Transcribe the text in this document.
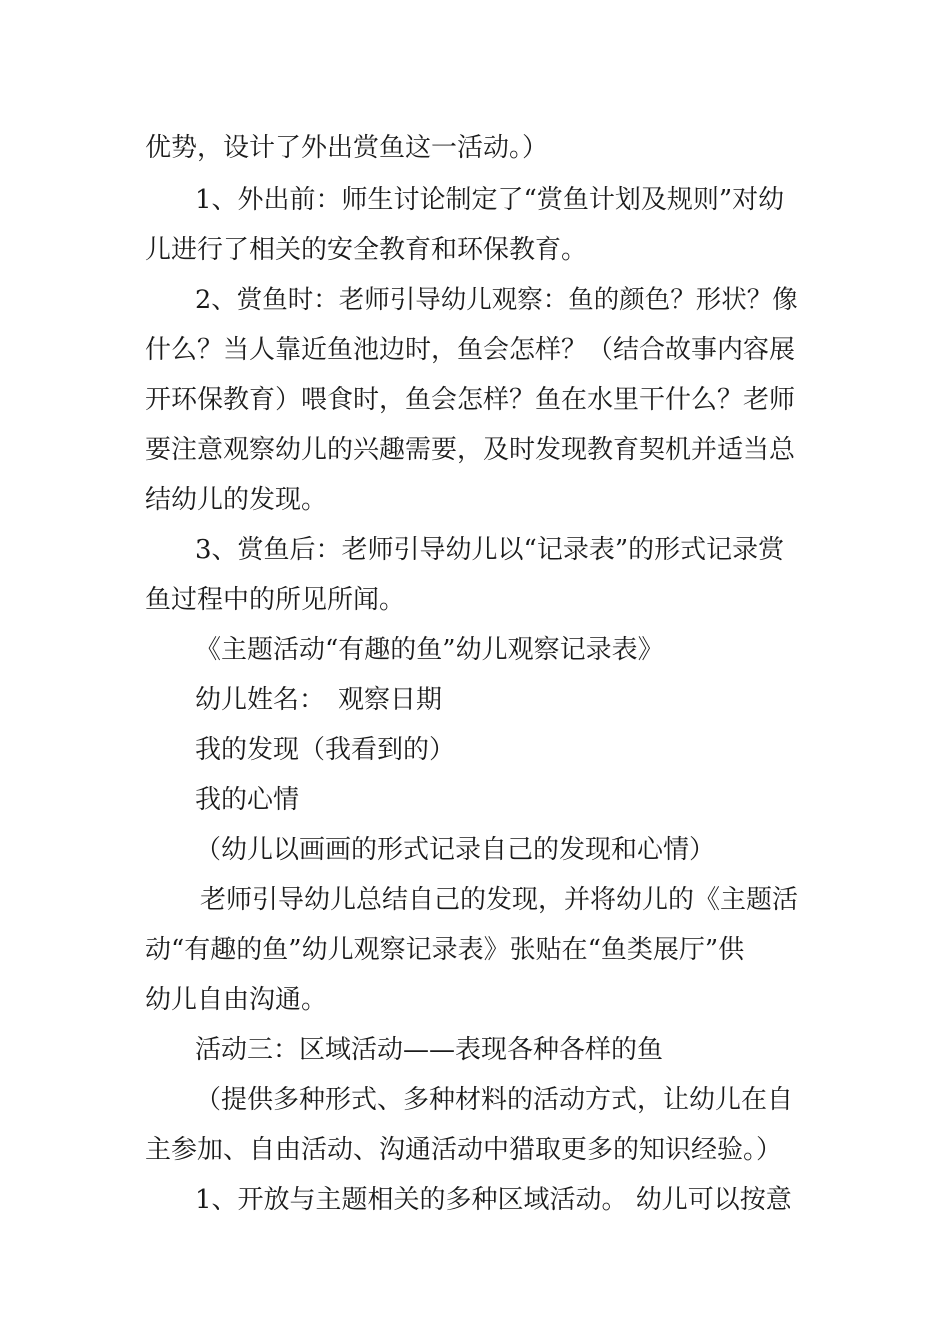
优势，设计了外出赏鱼这一活动。）
1、外出前：师生讨论制定了“赏鱼计划及规则”对幼
儿进行了相关的安全教育和环保教育。
2、赏鱼时：老师引导幼儿观察：鱼的颜色？形状？像
什么？当人靠近鱼池边时，鱼会怎样？（结合故事内容展
开环保教育）喂食时，鱼会怎样？鱼在水里干什么？老师
要注意观察幼儿的兴趣需要，及时发现教育契机并适当总
结幼儿的发现。
3、赏鱼后：老师引导幼儿以“记录表”的形式记录赏
鱼过程中的所见所闻。
《主题活动“有趣的鱼”幼儿观察记录表》
幼儿姓名：　观察日期
我的发现（我看到的）
我的心情
（幼儿以画画的形式记录自己的发现和心情）
老师引导幼儿总结自己的发现，并将幼儿的《主题活
动“有趣的鱼”幼儿观察记录表》张贴在“鱼类展厅”供
幼儿自由沟通。
活动三：区域活动——表现各种各样的鱼
（提供多种形式、多种材料的活动方式，让幼儿在自
主参加、自由活动、沟通活动中猎取更多的知识经验。）
1、开放与主题相关的多种区域活动。 幼儿可以按意
